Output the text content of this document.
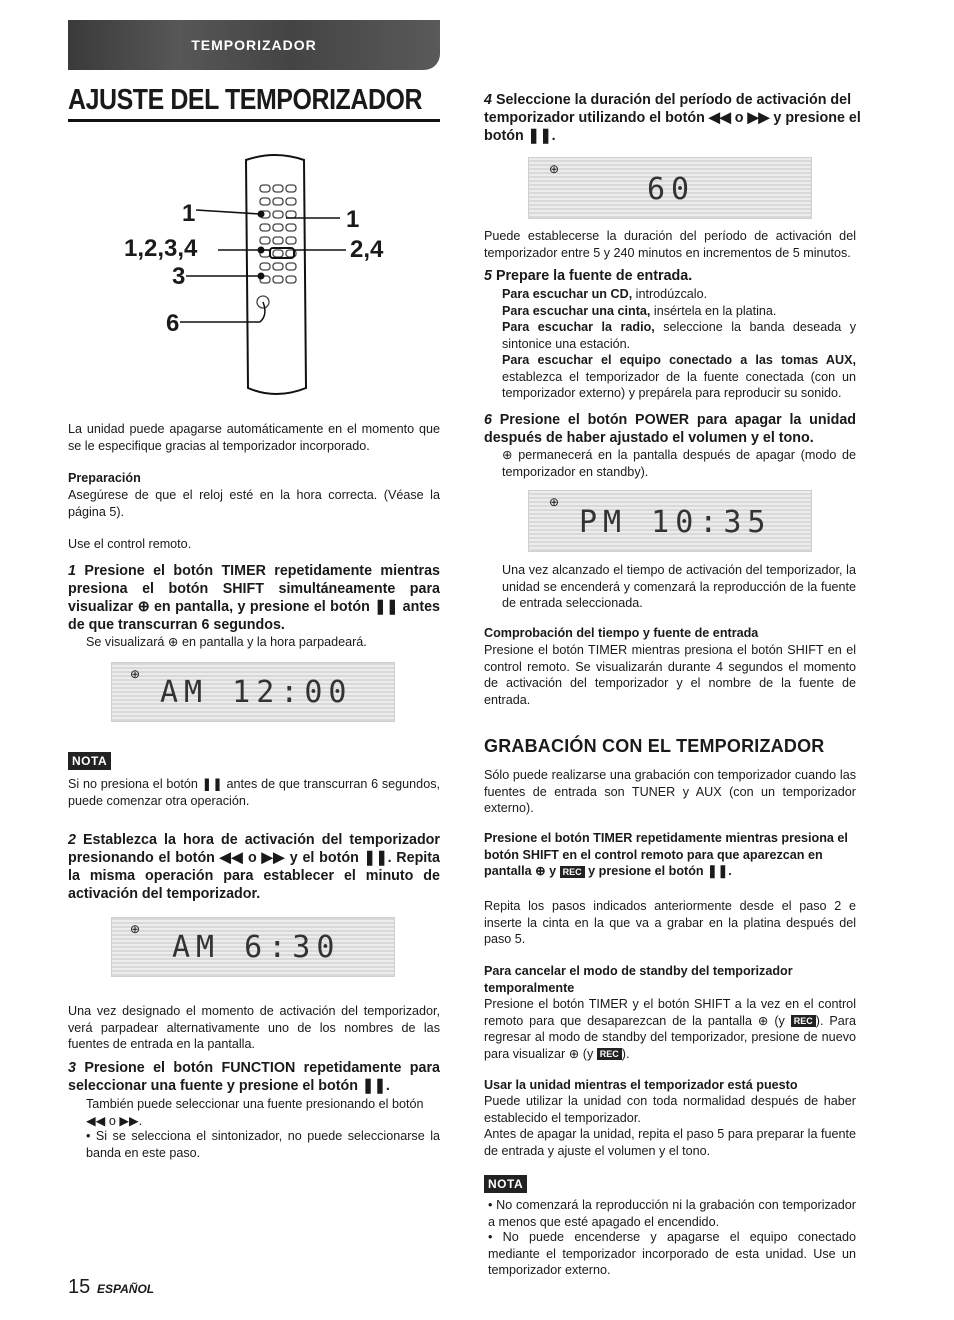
TEMPORIZADOR
AJUSTE DEL TEMPORIZADOR
1
1,2,3,4
3
6
1
2,4
La unidad puede apagarse automáticamente en el momento que se le especifique gracias al temporizador incorporado.
Preparación
Asegúrese de que el reloj esté en la hora correcta. (Véase la página 5).
Use el control remoto.
1 Presione el botón TIMER repetidamente mientras presiona el botón SHIFT simultáneamente para visualizar ⊕ en pantalla, y presione el botón ❚❚ antes de que transcurran 6 segundos.
Se visualizará ⊕ en pantalla y la hora parpadeará.
⊕
AM 12:00
NOTA
Si no presiona el botón ❚❚ antes de que transcurran 6 segundos, puede comenzar otra operación.
2 Establezca la hora de activación del temporizador presionando el botón ◀◀ o ▶▶ y el botón ❚❚. Repita la misma operación para establecer el minuto de activación del temporizador.
⊕
AM 6:30
Una vez designado el momento de activación del temporizador, verá parpadear alternativamente uno de los nombres de las fuentes de entrada en la pantalla.
3 Presione el botón FUNCTION repetidamente para seleccionar una fuente y presione el botón ❚❚.
También puede seleccionar una fuente presionando el botón ◀◀ o ▶▶.
• Si se selecciona el sintonizador, no puede seleccionarse la banda en este paso.
15 ESPAÑOL
4 Seleccione la duración del período de activación del temporizador utilizando el botón ◀◀ o ▶▶ y presione el botón ❚❚.
⊕
60
Puede establecerse la duración del período de activación del temporizador entre 5 y 240 minutos en incrementos de 5 minutos.
5 Prepare la fuente de entrada.
Para escuchar un CD, introdúzcalo.
Para escuchar una cinta, insértela en la platina.
Para escuchar la radio, seleccione la banda deseada y sintonice una estación.
Para escuchar el equipo conectado a las tomas AUX, establezca el temporizador de la fuente conectada (con un temporizador externo) y prepárela para reproducir su sonido.
6 Presione el botón POWER para apagar la unidad después de haber ajustado el volumen y el tono.
⊕ permanecerá en la pantalla después de apagar (modo de temporizador en standby).
⊕
PM 10:35
Una vez alcanzado el tiempo de activación del temporizador, la unidad se encenderá y comenzará la reproducción de la fuente de entrada seleccionada.
Comprobación del tiempo y fuente de entrada
Presione el botón TIMER mientras presiona el botón SHIFT en el control remoto. Se visualizarán durante 4 segundos el momento de activación del temporizador y el nombre de la fuente de entrada.
GRABACIÓN CON EL TEMPORIZADOR
Sólo puede realizarse una grabación con temporizador cuando las fuentes de entrada son TUNER y AUX (con un temporizador externo).
Presione el botón TIMER repetidamente mientras presiona el botón SHIFT en el control remoto para que aparezcan en pantalla ⊕ y REC y presione el botón ❚❚.
Repita los pasos indicados anteriormente desde el paso 2 e inserte la cinta en la que va a grabar en la platina después del paso 5.
Para cancelar el modo de standby del temporizador temporalmente
Presione el botón TIMER y el botón SHIFT a la vez en el control remoto para que desaparezcan de la pantalla ⊕ (y REC ). Para regresar al modo de standby del temporizador, presione de nuevo para visualizar ⊕ (y REC ).
Usar la unidad mientras el temporizador está puesto
Puede utilizar la unidad con toda normalidad después de haber establecido el temporizador.
Antes de apagar la unidad, repita el paso 5 para preparar la fuente de entrada y ajuste el volumen y el tono.
NOTA
• No comenzará la reproducción ni la grabación con temporizador a menos que esté apagado el encendido.
• No puede encenderse y apagarse el equipo conectado mediante el temporizador incorporado de esta unidad. Use un temporizador externo.
